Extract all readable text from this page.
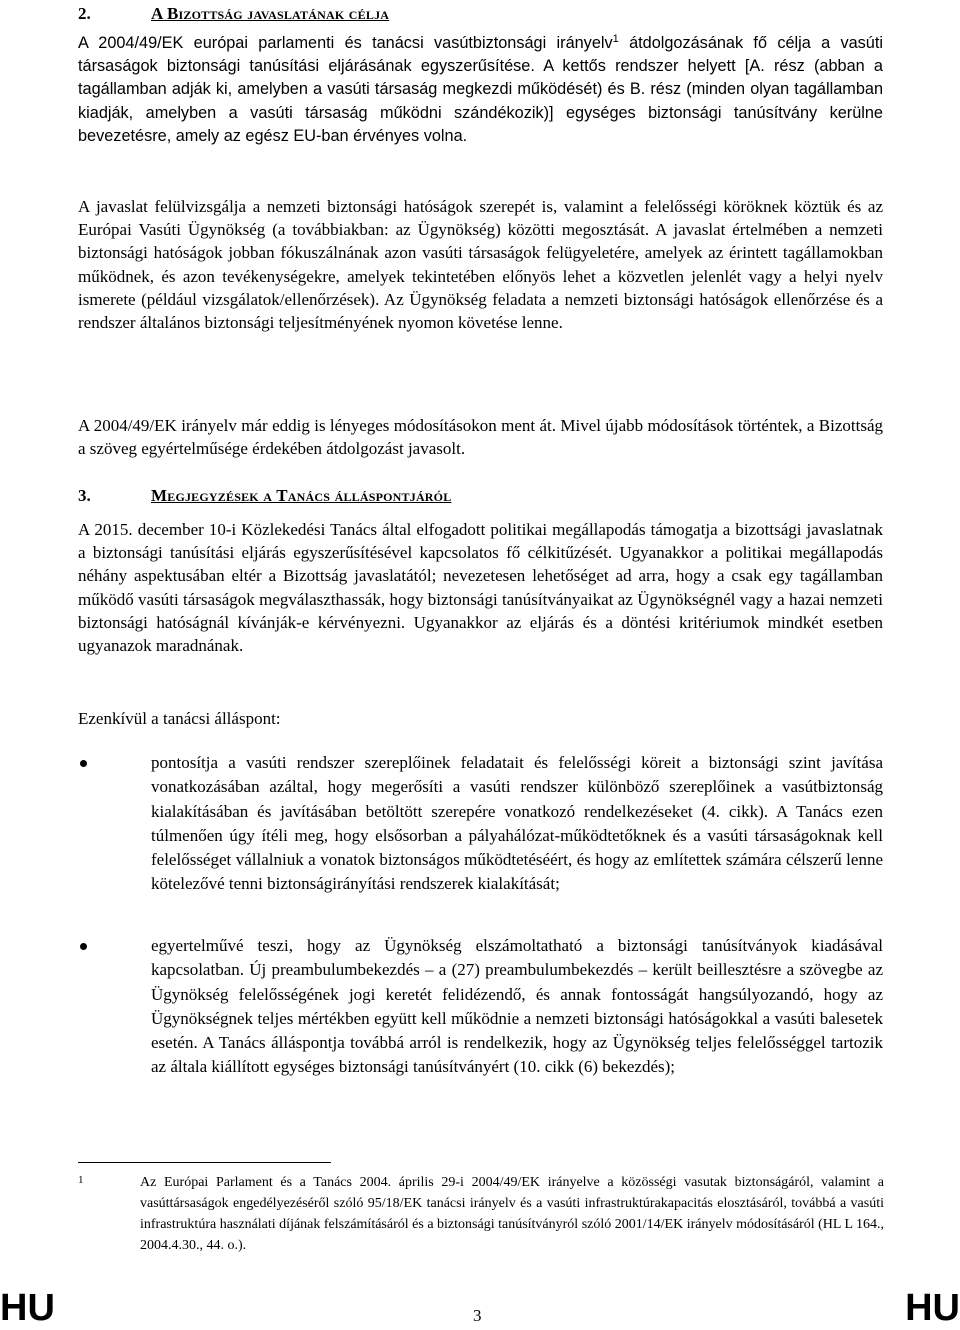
2.	A Bizottság javaslatának célja

A 2004/49/EK európai parlamenti és tanácsi vasútbiztonsági irányelv$^1$ átdolgozásának fő célja a vasúti társaságok biztonsági tanúsítási eljárásának egyszerűsítése. A kettős rendszer helyett [A. rész (abban a tagállamban adják ki, amelyben a vasúti társaság megkezdi működését) és B. rész (minden olyan tagállamban kiadják, amelyben a vasúti társaság működni szándékozik)] egységes biztonsági tanúsítvány kerülne bevezetésre, amely az egész EU-ban érvényes volna.

A javaslat felülvizsgálja a nemzeti biztonsági hatóságok szerepét is, valamint a felelősségi köröknek köztük és az Európai Vasúti Ügynökség (a továbbiakban: az Ügynökség) közötti megosztását. A javaslat értelmében a nemzeti biztonsági hatóságok jobban fókuszálnának azon vasúti társaságok felügyeletére, amelyek az érintett tagállamokban működnek, és azon tevékenységekre, amelyek tekintetében előnyös lehet a közvetlen jelenlét vagy a helyi nyelv ismerete (például vizsgálatok/ellenőrzések). Az Ügynökség feladata a nemzeti biztonsági hatóságok ellenőrzése és a rendszer általános biztonsági teljesítményének nyomon követése lenne.

A 2004/49/EK irányelv már eddig is lényeges módosításokon ment át. Mivel újabb módosítások történtek, a Bizottság a szöveg egyértelműsége érdekében átdolgozást javasolt.

3.	Megjegyzések a Tanács álláspontjáról

A 2015. december 10-i Közlekedési Tanács által elfogadott politikai megállapodás támogatja a bizottsági javaslatnak a biztonsági tanúsítási eljárás egyszerűsítésével kapcsolatos fő célkitűzését. Ugyanakkor a politikai megállapodás néhány aspektusában eltér a Bizottság javaslatától; nevezetesen lehetőséget ad arra, hogy a csak egy tagállamban működő vasúti társaságok megválaszthassák, hogy biztonsági tanúsítványaikat az Ügynökségnél vagy a hazai nemzeti biztonsági hatóságnál kívánják-e kérvényezni. Ugyanakkor az eljárás és a döntési kritériumok mindkét esetben ugyanazok maradnának.

Ezenkívül a tanácsi álláspont:

pontosítja a vasúti rendszer szereplőinek feladatait és felelősségi köreit a biztonsági szint javítása vonatkozásában azáltal, hogy megerősíti a vasúti rendszer különböző szereplőinek a vasútbiztonság kialakításában és javításában betöltött szerepére vonatkozó rendelkezéseket (4. cikk). A Tanács ezen túlmenően úgy ítéli meg, hogy elsősorban a pályahálózat-működtetőknek és a vasúti társaságoknak kell felelősséget vállalniuk a vonatok biztonságos működtetéséért, és hogy az említettek számára célszerű lenne kötelezővé tenni biztonságirányítási rendszerek kialakítását;

egyertelművé teszi, hogy az Ügynökség elszámoltatható a biztonsági tanúsítványok kiadásával kapcsolatban. Új preambulumbekezdés – a (27) preambulumbekezdés – került beillesztésre a szövegbe az Ügynökség felelősségének jogi keretét felidézendő, és annak fontosságát hangsúlyozandó, hogy az Ügynökségnek teljes mértékben együtt kell működnie a nemzeti biztonsági hatóságokkal a vasúti balesetek esetén. A Tanács álláspontja továbbá arról is rendelkezik, hogy az Ügynökség teljes felelősséggel tartozik az általa kiállított egységes biztonsági tanúsítványért (10. cikk (6) bekezdés);

1	Az Európai Parlament és a Tanács 2004. április 29-i 2004/49/EK irányelve a közösségi vasutak biztonságáról, valamint a vasúttársaságok engedélyezéséről szóló 95/18/EK tanácsi irányelv és a vasúti infrastruktúrakapacitás elosztásáról, továbbá a vasúti infrastruktúra használati díjának felszámításáról és a biztonsági tanúsítványról szóló 2001/14/EK irányelv módosításáról (HL L 164., 2004.4.30., 44. o.).

HU	3	HU
